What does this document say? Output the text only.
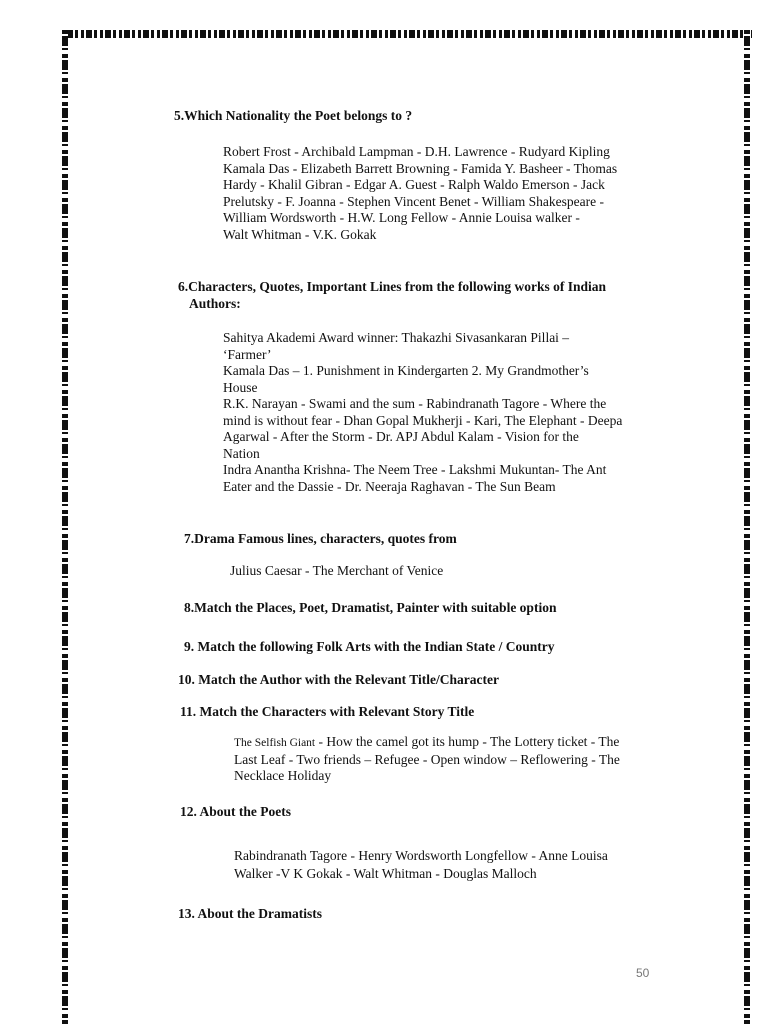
5.Which Nationality the Poet belongs to ?
Robert Frost - Archibald Lampman - D.H. Lawrence - Rudyard Kipling
Kamala Das - Elizabeth Barrett Browning - Famida Y. Basheer - Thomas
Hardy - Khalil Gibran - Edgar A. Guest - Ralph Waldo Emerson - Jack
Prelutsky - F. Joanna - Stephen Vincent Benet - William Shakespeare -
William Wordsworth - H.W. Long Fellow - Annie Louisa walker -
Walt Whitman - V.K. Gokak
6.Characters, Quotes, Important Lines from the following works of Indian
Authors:
Sahitya Akademi Award winner: Thakazhi Sivasankaran Pillai –
‘Farmer’
Kamala Das – 1. Punishment in Kindergarten 2. My Grandmother’s
House
R.K. Narayan - Swami and the sum - Rabindranath Tagore - Where the
mind is without fear - Dhan Gopal Mukherji - Kari, The Elephant - Deepa
Agarwal - After the Storm - Dr. APJ Abdul Kalam - Vision for the
Nation
Indra Anantha Krishna- The Neem Tree - Lakshmi Mukuntan- The Ant
Eater and the Dassie - Dr. Neeraja Raghavan - The Sun Beam
7.Drama Famous lines, characters, quotes from
Julius Caesar - The Merchant of Venice
8.Match the Places, Poet, Dramatist, Painter with suitable option
9. Match the following Folk Arts with the Indian State / Country
10. Match the Author with the Relevant Title/Character
11. Match the Characters with Relevant Story Title
The Selfish Giant - How the camel got its hump - The Lottery ticket - The
Last Leaf - Two friends – Refugee - Open window – Reflowering - The
Necklace Holiday
12. About the Poets
Rabindranath Tagore - Henry Wordsworth Longfellow - Anne Louisa
Walker -V K Gokak - Walt Whitman - Douglas Malloch
13. About the Dramatists
50
